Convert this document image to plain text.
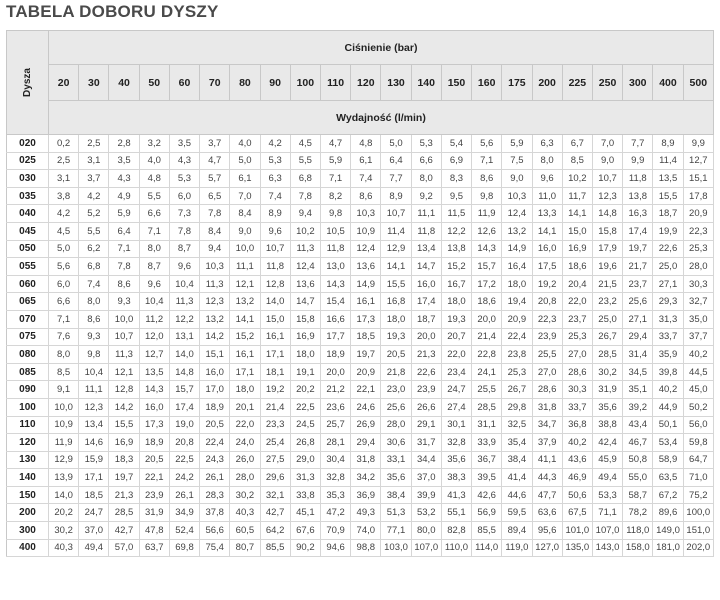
TABELA DOBORU DYSZY
Dysza	Ciśnienie (bar)																					
	20	30	40	50	60	70	80	90	100	110	120	130	140	150	160	175	200	225	250	300	400	500
	Wydajność (l/min)																					
020	0,2	2,5	2,8	3,2	3,5	3,7	4,0	4,2	4,5	4,7	4,8	5,0	5,3	5,4	5,6	5,9	6,3	6,7	7,0	7,7	8,9	9,9
025	2,5	3,1	3,5	4,0	4,3	4,7	5,0	5,3	5,5	5,9	6,1	6,4	6,6	6,9	7,1	7,5	8,0	8,5	9,0	9,9	11,4	12,7
030	3,1	3,7	4,3	4,8	5,3	5,7	6,1	6,3	6,8	7,1	7,4	7,7	8,0	8,3	8,6	9,0	9,6	10,2	10,7	11,8	13,5	15,1
035	3,8	4,2	4,9	5,5	6,0	6,5	7,0	7,4	7,8	8,2	8,6	8,9	9,2	9,5	9,8	10,3	11,0	11,7	12,3	13,8	15,5	17,8
040	4,2	5,2	5,9	6,6	7,3	7,8	8,4	8,9	9,4	9,8	10,3	10,7	11,1	11,5	11,9	12,4	13,3	14,1	14,8	16,3	18,7	20,9
045	4,5	5,5	6,4	7,1	7,8	8,4	9,0	9,6	10,2	10,5	10,9	11,4	11,8	12,2	12,6	13,2	14,1	15,0	15,8	17,4	19,9	22,3
050	5,0	6,2	7,1	8,0	8,7	9,4	10,0	10,7	11,3	11,8	12,4	12,9	13,4	13,8	14,3	14,9	16,0	16,9	17,9	19,7	22,6	25,3
055	5,6	6,8	7,8	8,7	9,6	10,3	11,1	11,8	12,4	13,0	13,6	14,1	14,7	15,2	15,7	16,4	17,5	18,6	19,6	21,7	25,0	28,0
060	6,0	7,4	8,6	9,6	10,4	11,3	12,1	12,8	13,6	14,3	14,9	15,5	16,0	16,7	17,2	18,0	19,2	20,4	21,5	23,7	27,1	30,3
065	6,6	8,0	9,3	10,4	11,3	12,3	13,2	14,0	14,7	15,4	16,1	16,8	17,4	18,0	18,6	19,4	20,8	22,0	23,2	25,6	29,3	32,7
070	7,1	8,6	10,0	11,2	12,2	13,2	14,1	15,0	15,8	16,6	17,3	18,0	18,7	19,3	20,0	20,9	22,3	23,7	25,0	27,1	31,3	35,0
075	7,6	9,3	10,7	12,0	13,1	14,2	15,2	16,1	16,9	17,7	18,5	19,3	20,0	20,7	21,4	22,4	23,9	25,3	26,7	29,4	33,7	37,7
080	8,0	9,8	11,3	12,7	14,0	15,1	16,1	17,1	18,0	18,9	19,7	20,5	21,3	22,0	22,8	23,8	25,5	27,0	28,5	31,4	35,9	40,2
085	8,5	10,4	12,1	13,5	14,8	16,0	17,1	18,1	19,1	20,0	20,9	21,8	22,6	23,4	24,1	25,3	27,0	28,6	30,2	34,5	39,8	44,5
090	9,1	11,1	12,8	14,3	15,7	17,0	18,0	19,2	20,2	21,2	22,1	23,0	23,9	24,7	25,5	26,7	28,6	30,3	31,9	35,1	40,2	45,0
100	10,0	12,3	14,2	16,0	17,4	18,9	20,1	21,4	22,5	23,6	24,6	25,6	26,6	27,4	28,5	29,8	31,8	33,7	35,6	39,2	44,9	50,2
110	10,9	13,4	15,5	17,3	19,0	20,5	22,0	23,3	24,5	25,7	26,9	28,0	29,1	30,1	31,1	32,5	34,7	36,8	38,8	43,4	50,1	56,0
120	11,9	14,6	16,9	18,9	20,8	22,4	24,0	25,4	26,8	28,1	29,4	30,6	31,7	32,8	33,9	35,4	37,9	40,2	42,4	46,7	53,4	59,8
130	12,9	15,9	18,3	20,5	22,5	24,3	26,0	27,5	29,0	30,4	31,8	33,1	34,4	35,6	36,7	38,4	41,1	43,6	45,9	50,8	58,9	64,7
140	13,9	17,1	19,7	22,1	24,2	26,1	28,0	29,6	31,3	32,8	34,2	35,6	37,0	38,3	39,5	41,4	44,3	46,9	49,4	55,0	63,5	71,0
150	14,0	18,5	21,3	23,9	26,1	28,3	30,2	32,1	33,8	35,3	36,9	38,4	39,9	41,3	42,6	44,6	47,7	50,6	53,3	58,7	67,2	75,2
200	20,2	24,7	28,5	31,9	34,9	37,8	40,3	42,7	45,1	47,2	49,3	51,3	53,2	55,1	56,9	59,5	63,6	67,5	71,1	78,2	89,6	100,0
300	30,2	37,0	42,7	47,8	52,4	56,6	60,5	64,2	67,6	70,9	74,0	77,1	80,0	82,8	85,5	89,4	95,6	101,0	107,0	118,0	149,0	151,0
400	40,3	49,4	57,0	63,7	69,8	75,4	80,7	85,5	90,2	94,6	98,8	103,0	107,0	110,0	114,0	119,0	127,0	135,0	143,0	158,0	181,0	202,0
